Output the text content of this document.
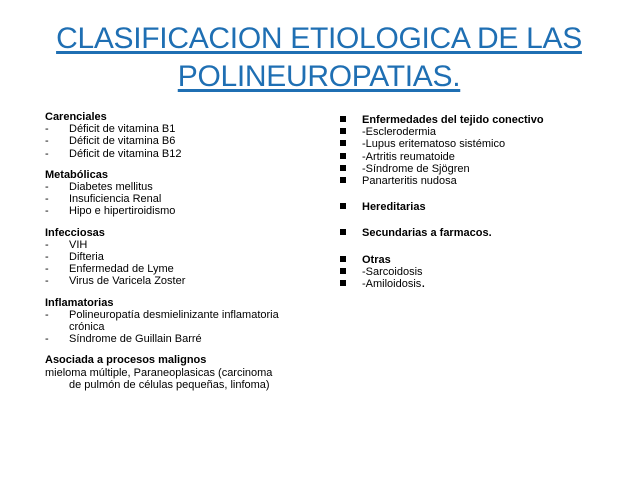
CLASIFICACION ETIOLOGICA DE LAS
POLINEUROPATIAS.
Carenciales
-	Déficit de vitamina B1
-	Déficit de vitamina B6
-	Déficit de vitamina B12
Metabólicas
-	Diabetes mellitus
-	Insuficiencia Renal
-	Hipo e hipertiroidismo
Infecciosas
-	VIH
-	Difteria
-	Enfermedad de Lyme
-	Virus de Varicela Zoster
Inflamatorias
-	Polineuropatía desmielinizante inflamatoria
crónica
-	Síndrome de Guillain Barré
Asociada a procesos malignos
mieloma múltiple, Paraneoplasicas (carcinoma
de pulmón de células pequeñas, linfoma)
Enfermedades del tejido conectivo
-Esclerodermia
-Lupus eritematoso sistémico
-Artritis reumatoide
-Síndrome de Sjögren
Panarteritis nudosa
Hereditarias
Secundarias a farmacos.
Otras
-Sarcoidosis
-Amiloidosis .
